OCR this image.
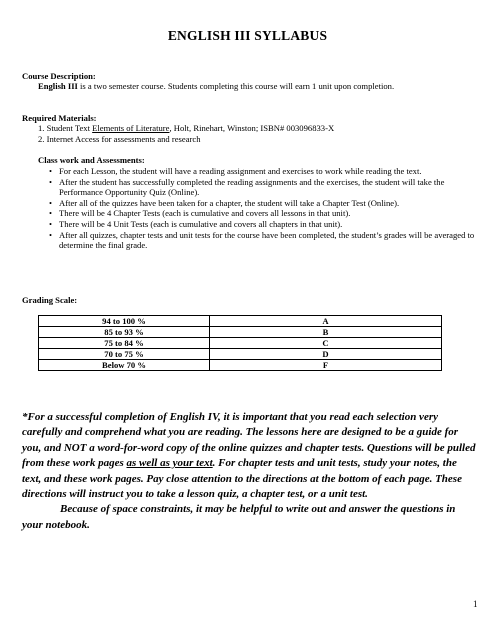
ENGLISH III SYLLABUS
Course Description:
English III is a two semester course. Students completing this course will earn 1 unit upon completion.
Required Materials:
1. Student Text Elements of Literature, Holt, Rinehart, Winston; ISBN# 003096833-X
2. Internet Access for assessments and research
Class work and Assessments:
• For each Lesson, the student will have a reading assignment and exercises to work while reading the text.
• After the student has successfully completed the reading assignments and the exercises, the student will take the Performance Opportunity Quiz (Online).
• After all of the quizzes have been taken for a chapter, the student will take a Chapter Test (Online).
• There will be 4 Chapter Tests (each is cumulative and covers all lessons in that unit).
• There will be 4 Unit Tests (each is cumulative and covers all chapters in that unit).
• After all quizzes, chapter tests and unit tests for the course have been completed, the student’s grades will be averaged to determine the final grade.
Grading Scale:
94 to 100 %	A
85 to 93 %	B
75 to 84 %	C
70 to 75 %	D
Below 70 %	F

*For a successful completion of English IV, it is important that you read each selection very carefully and comprehend what you are reading. The lessons here are designed to be a guide for you, and NOT a word-for-word copy of the online quizzes and chapter tests. Questions will be pulled from these work pages as well as your text. For chapter tests and unit tests, study your notes, the text, and these work pages. Pay close attention to the directions at the bottom of each page. These directions will instruct you to take a lesson quiz, a chapter test, or a unit test.

Because of space constraints, it may be helpful to write out and answer the questions in your notebook.

1
